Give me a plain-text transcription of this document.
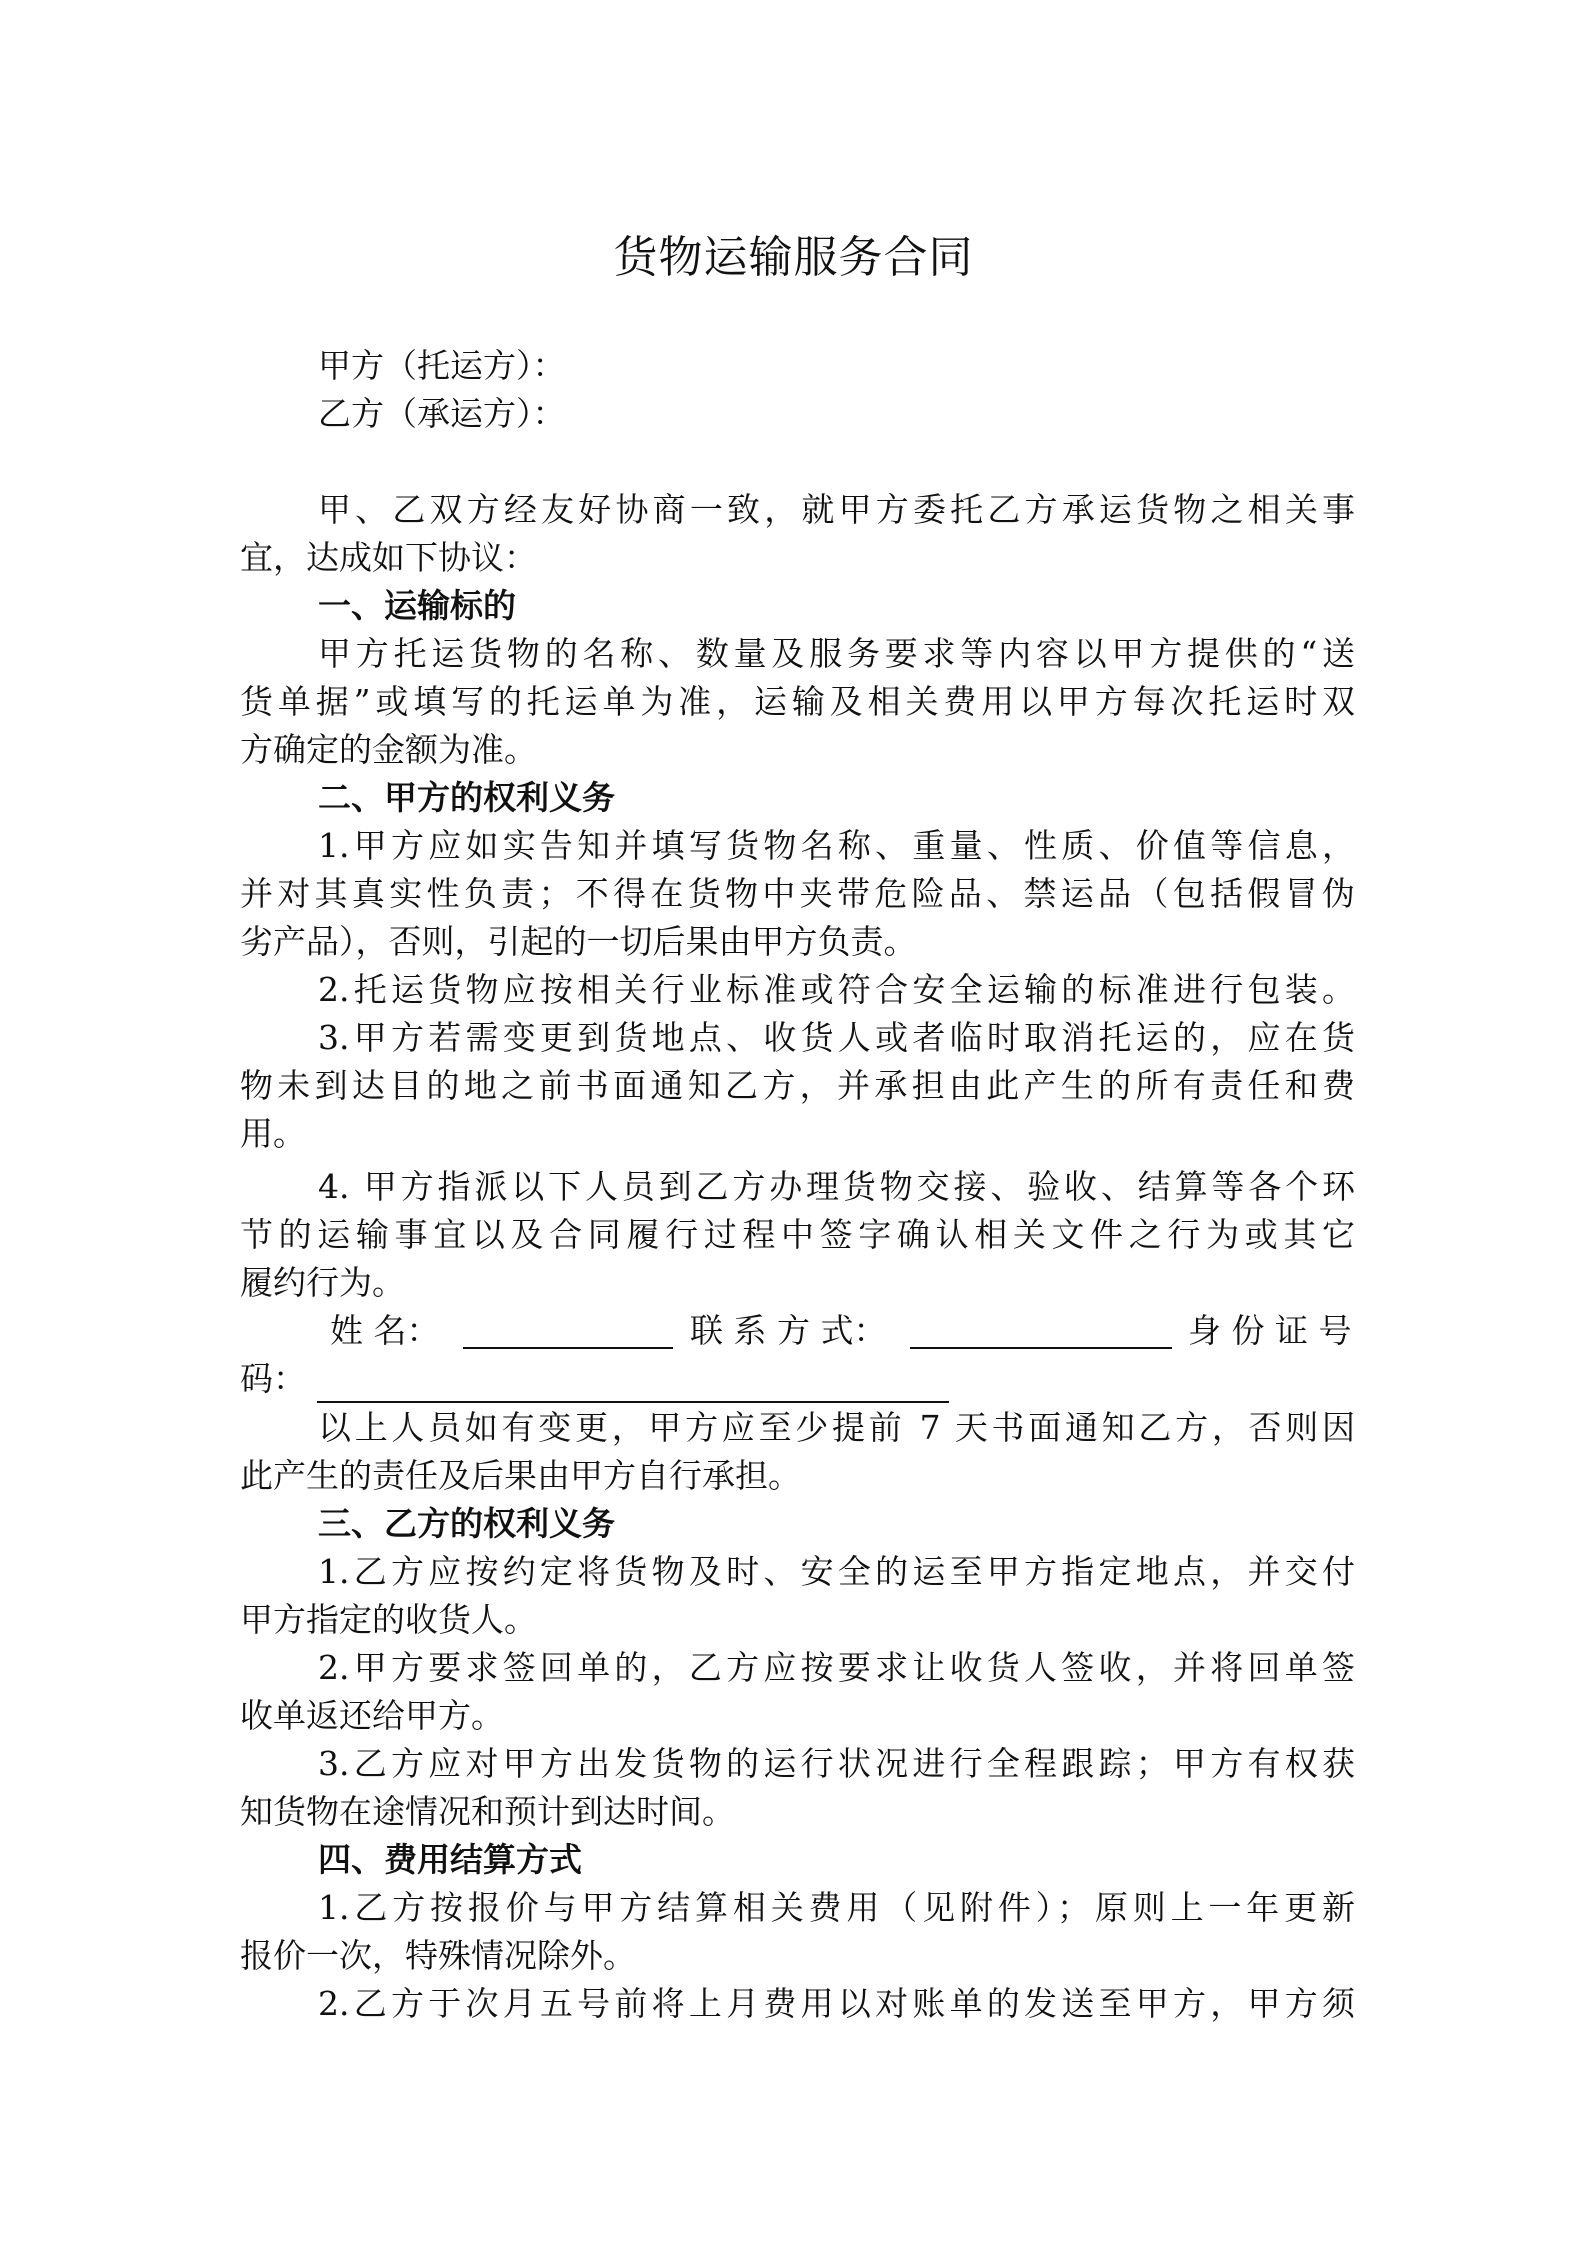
货物运输服务合同
甲方（托运方）：
乙方（承运方）：
甲、乙双方经友好协商一致，就甲方委托乙方承运货物之相关事
宜，达成如下协议：
一、运输标的
甲方托运货物的名称、数量及服务要求等内容以甲方提供的“送
货单据”或填写的托运单为准，运输及相关费用以甲方每次托运时双
方确定的金额为准。
二、甲方的权利义务
1.甲方应如实告知并填写货物名称、重量、性质、价值等信息，
并对其真实性负责；不得在货物中夹带危险品、禁运品（包括假冒伪
劣产品），否则，引起的一切后果由甲方负责。
2.托运货物应按相关行业标准或符合安全运输的标准进行包装。
3.甲方若需变更到货地点、收货人或者临时取消托运的，应在货
物未到达目的地之前书面通知乙方，并承担由此产生的所有责任和费
用。
4. 甲方指派以下人员到乙方办理货物交接、验收、结算等各个环
节的运输事宜以及合同履行过程中签字确认相关文件之行为或其它
履约行为。
姓 名：	联 系 方 式：	身 份 证 号
码：
以上人员如有变更，甲方应至少提前 7 天书面通知乙方，否则因
此产生的责任及后果由甲方自行承担。
三、乙方的权利义务
1.乙方应按约定将货物及时、安全的运至甲方指定地点，并交付
甲方指定的收货人。
2.甲方要求签回单的，乙方应按要求让收货人签收，并将回单签
收单返还给甲方。
3.乙方应对甲方出发货物的运行状况进行全程跟踪；甲方有权获
知货物在途情况和预计到达时间。
四、费用结算方式
1.乙方按报价与甲方结算相关费用（见附件）；原则上一年更新
报价一次，特殊情况除外。
2.乙方于次月五号前将上月费用以对账单的发送至甲方，甲方须
